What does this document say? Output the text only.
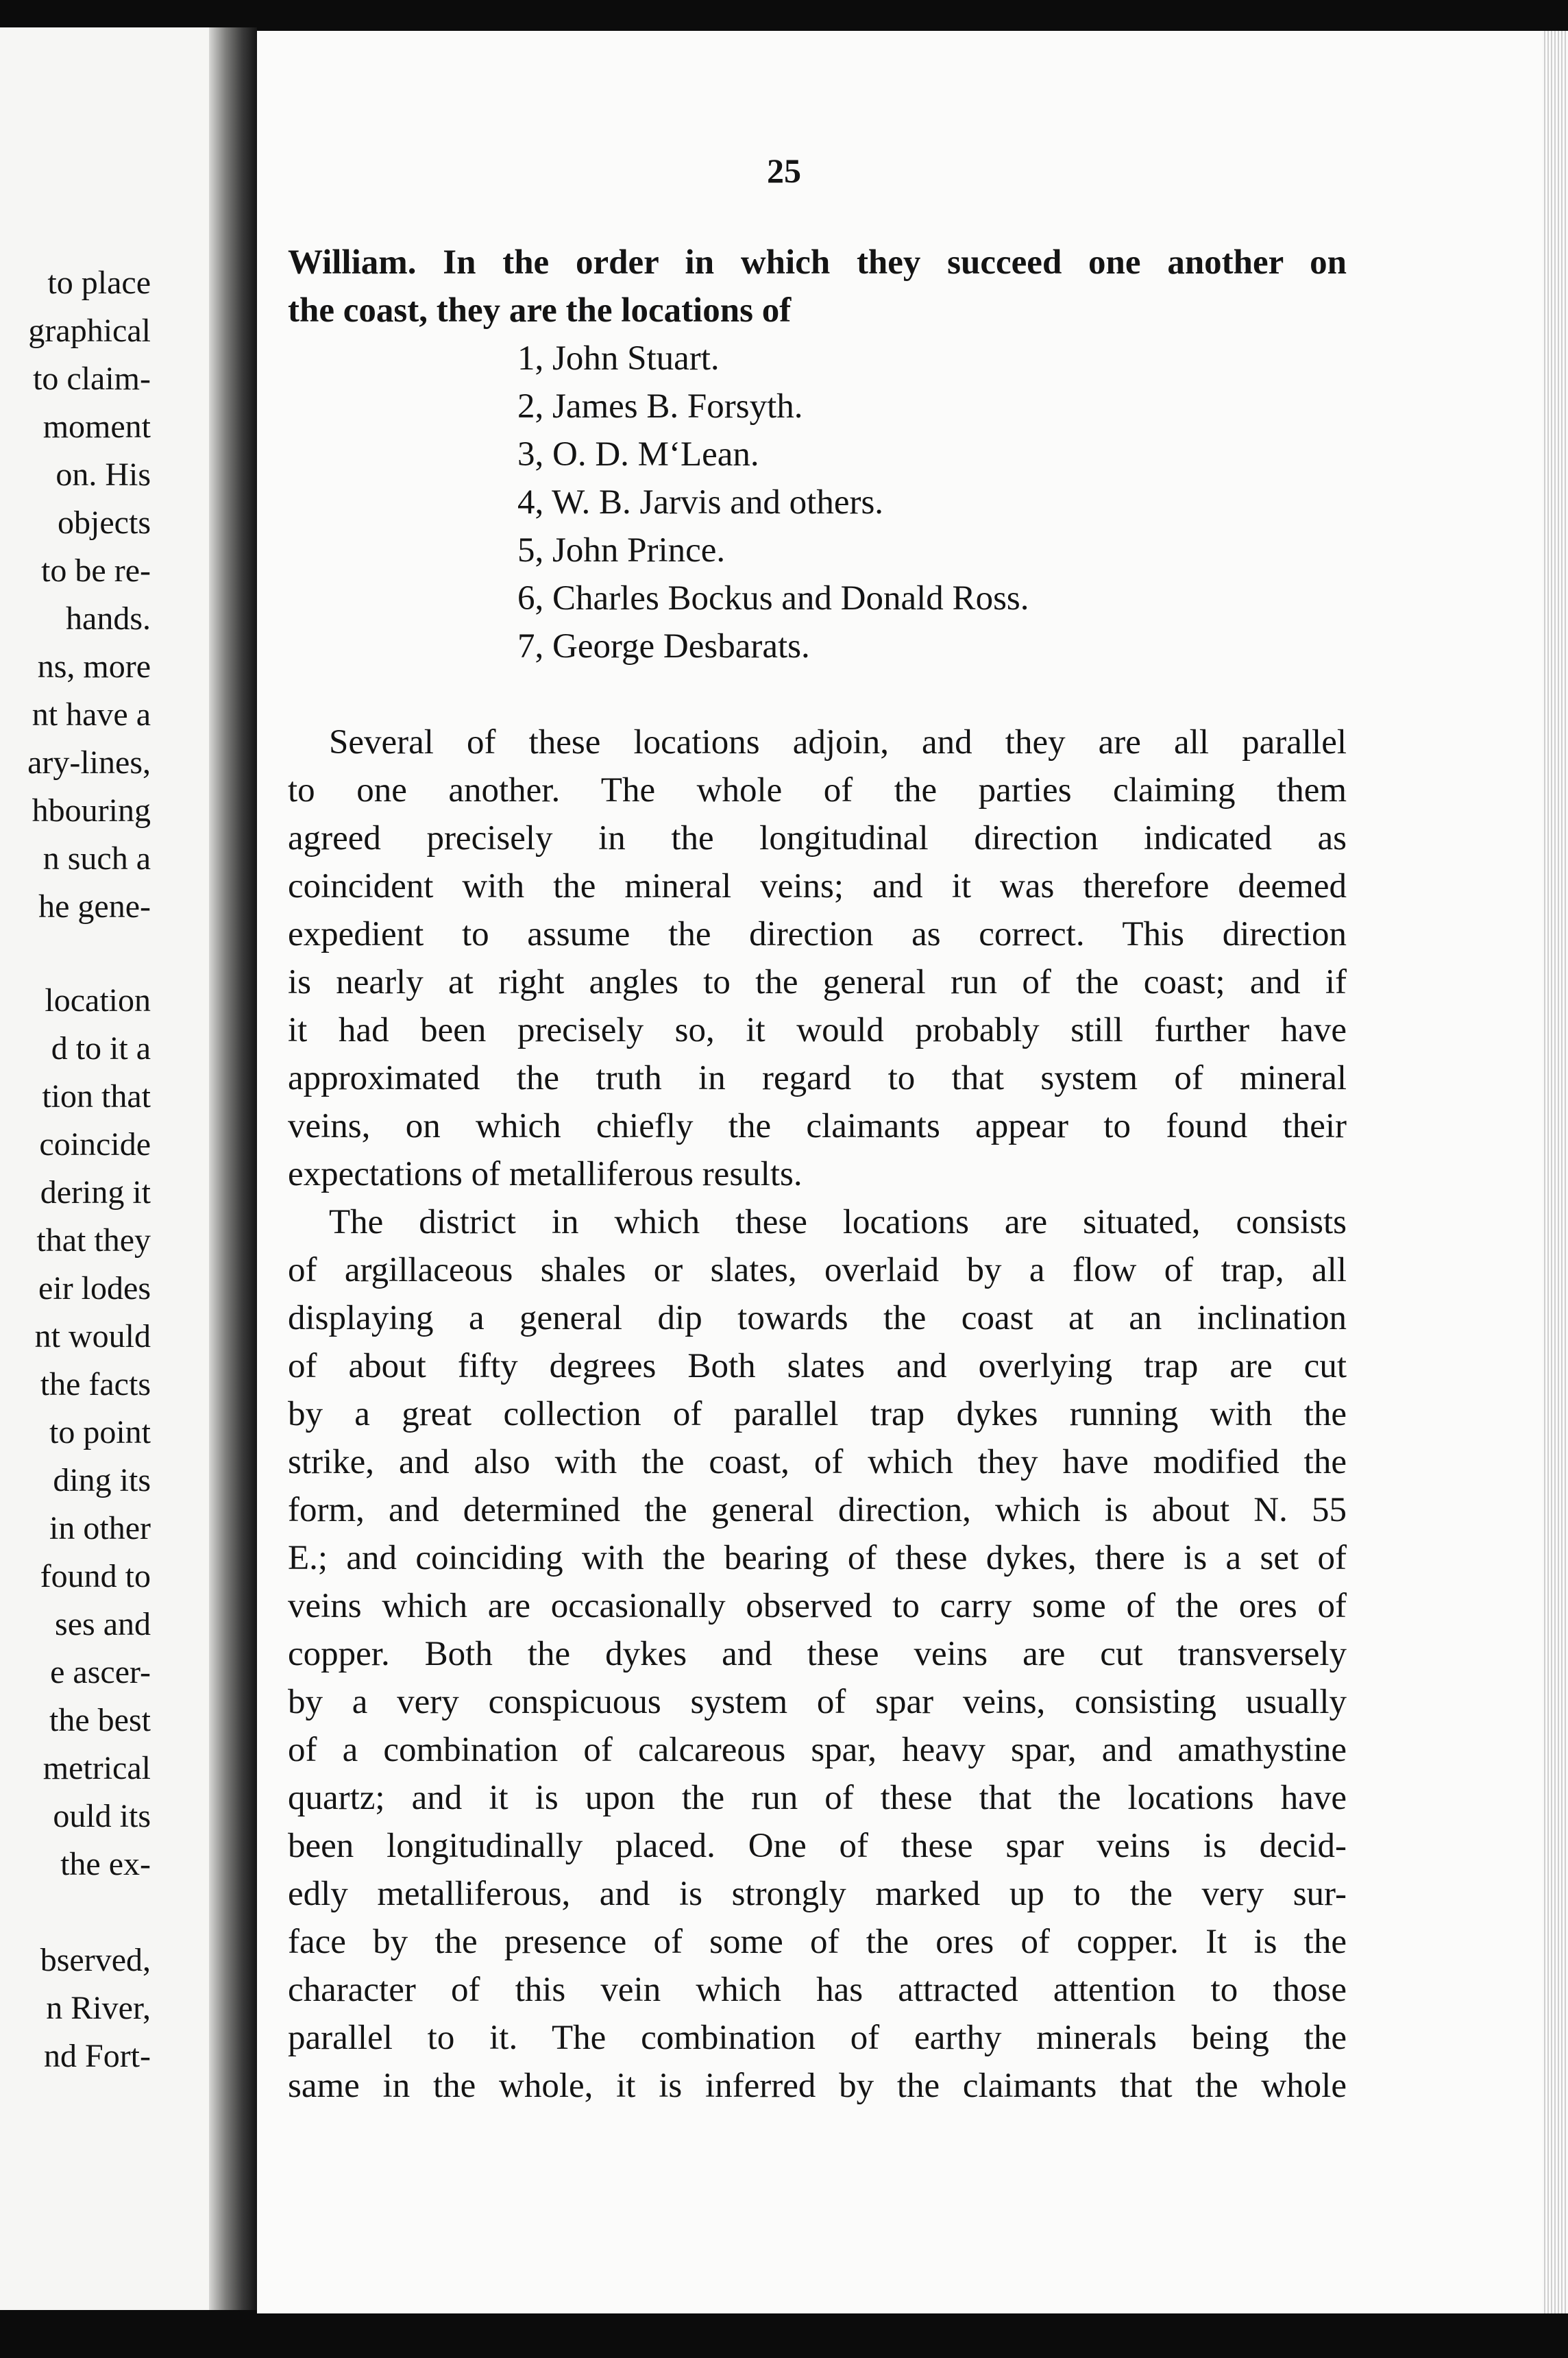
to place
graphical
to claim-
moment
on. His
objects
to be re-
hands.
ns, more
nt have a
ary-lines,
hbouring
n such a
he gene-
location
d to it a
tion that
coincide
dering it
that they
eir lodes
nt would
the facts
to point
ding its
in other
found to
ses and
e ascer-
the best
metrical
ould its
the ex-
bserved,
n River,
nd Fort-
25
William. In the order in which they succeed one another on
the coast, they are the locations of
1, John Stuart.
2, James B. Forsyth.
3, O. D. M‘Lean.
4, W. B. Jarvis and others.
5, John Prince.
6, Charles Bockus and Donald Ross.
7, George Desbarats.
Several of these locations adjoin, and they are all parallel
to one another. The whole of the parties claiming them
agreed precisely in the longitudinal direction indicated as
coincident with the mineral veins; and it was therefore deemed
expedient to assume the direction as correct. This direction
is nearly at right angles to the general run of the coast; and if
it had been precisely so, it would probably still further have
approximated the truth in regard to that system of mineral
veins, on which chiefly the claimants appear to found their
expectations of metalliferous results.
The district in which these locations are situated, consists
of argillaceous shales or slates, overlaid by a flow of trap, all
displaying a general dip towards the coast at an inclination
of about fifty degrees Both slates and overlying trap are cut
by a great collection of parallel trap dykes running with the
strike, and also with the coast, of which they have modified the
form, and determined the general direction, which is about N. 55
E.; and coinciding with the bearing of these dykes, there is a set of
veins which are occasionally observed to carry some of the ores of
copper. Both the dykes and these veins are cut transversely
by a very conspicuous system of spar veins, consisting usually
of a combination of calcareous spar, heavy spar, and amathystine
quartz; and it is upon the run of these that the locations have
been longitudinally placed. One of these spar veins is decid-
edly metalliferous, and is strongly marked up to the very sur-
face by the presence of some of the ores of copper. It is the
character of this vein which has attracted attention to those
parallel to it. The combination of earthy minerals being the
same in the whole, it is inferred by the claimants that the whole
